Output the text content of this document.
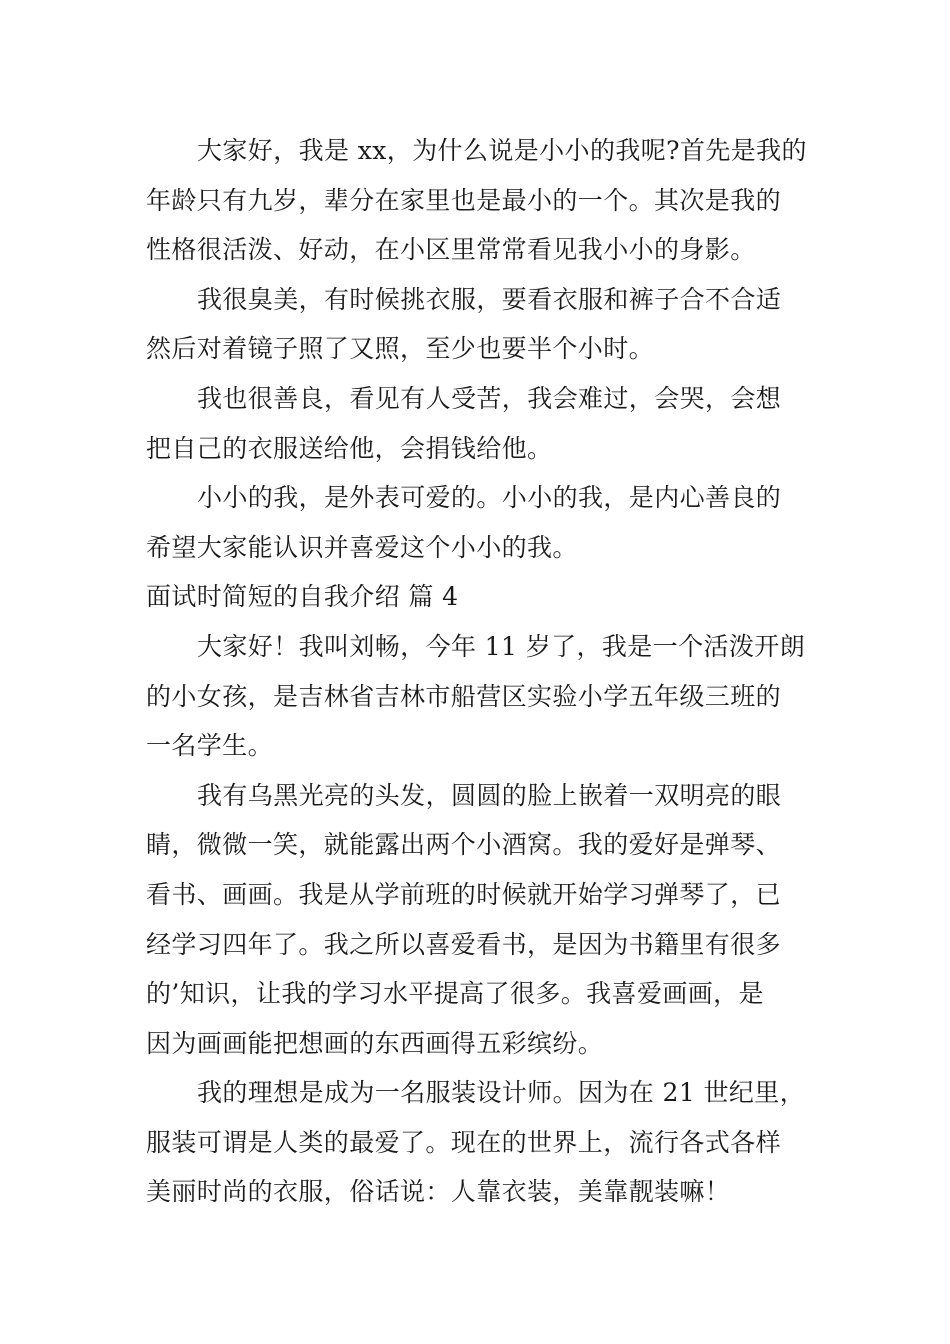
大家好，我是 xx，为什么说是小小的我呢?首先是我的
年龄只有九岁，辈分在家里也是最小的一个。其次是我的
性格很活泼、好动，在小区里常常看见我小小的身影。
我很臭美，有时候挑衣服，要看衣服和裤子合不合适
然后对着镜子照了又照，至少也要半个小时。
我也很善良，看见有人受苦，我会难过，会哭，会想
把自己的衣服送给他，会捐钱给他。
小小的我，是外表可爱的。小小的我，是内心善良的
希望大家能认识并喜爱这个小小的我。
面试时简短的自我介绍 篇 4
大家好！我叫刘畅，今年 11 岁了，我是一个活泼开朗
的小女孩，是吉林省吉林市船营区实验小学五年级三班的
一名学生。
我有乌黑光亮的头发，圆圆的脸上嵌着一双明亮的眼
睛，微微一笑，就能露出两个小酒窝。我的爱好是弹琴、
看书、画画。我是从学前班的时候就开始学习弹琴了，已
经学习四年了。我之所以喜爱看书，是因为书籍里有很多
的’知识，让我的学习水平提高了很多。我喜爱画画，是
因为画画能把想画的东西画得五彩缤纷。
我的理想是成为一名服装设计师。因为在 21 世纪里，
服装可谓是人类的最爱了。现在的世界上，流行各式各样
美丽时尚的衣服，俗话说：人靠衣装，美靠靓装嘛！
